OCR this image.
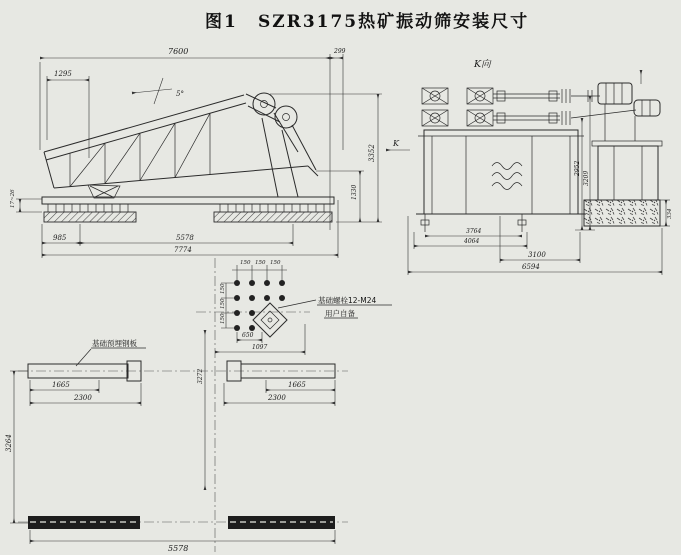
图1 SZR3175热矿振动筛安装尺寸
7600
1295
5°
299
3352
1330
K
17~26
985	5578
7774
K向
2952
3209
334
3764
4064
3100
6594
150 150 150
150
150
150
650
1097
3272
基础螺栓12-M24
用户自备
基础预埋钢板
1665
2300	2300
1665
3264
5578
